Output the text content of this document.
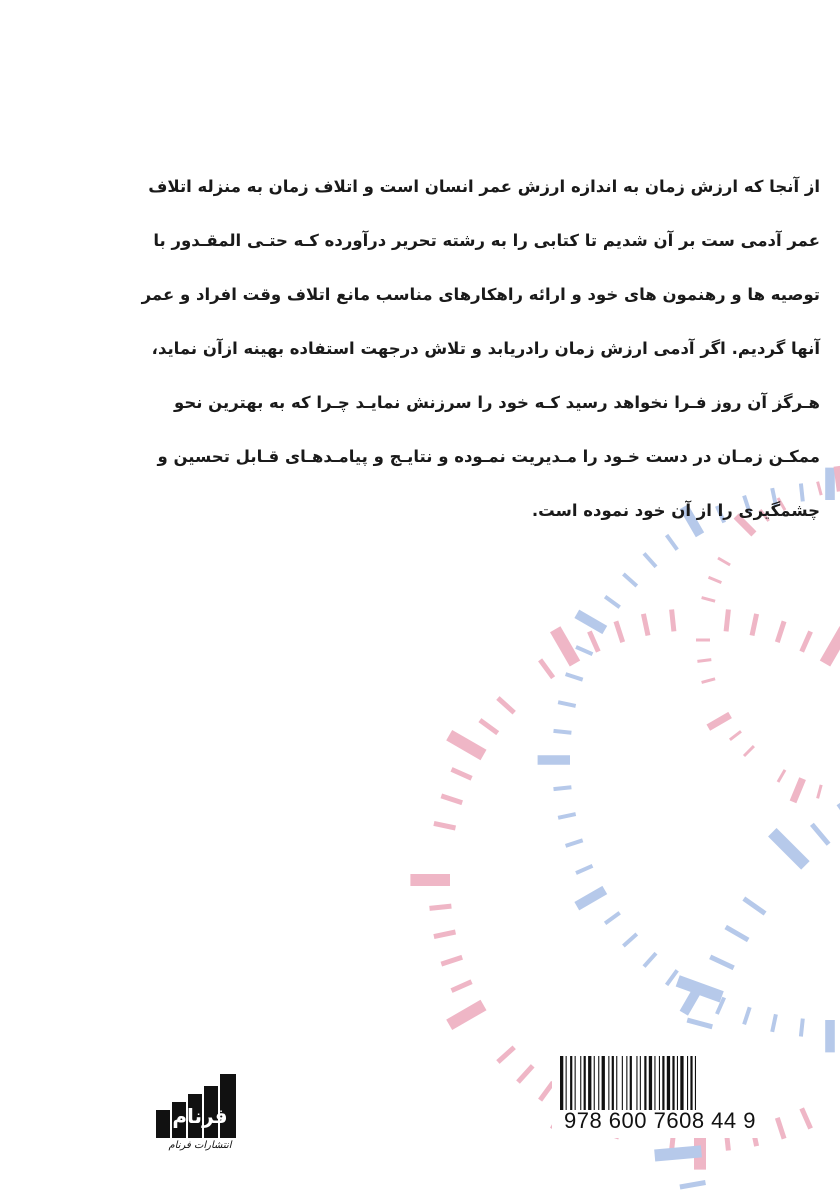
از آنجا که ارزش زمان به اندازه ارزش عمر انسان است و اتلاف زمان به منزله اتلاف
عمر آدمی ست بر آن شدیم تا کتابی را به رشته تحریر درآورده کـه حتـی المقـدور با
توصیه ها و رهنمون های خود و ارائه راهکارهای مناسب مانع اتلاف وقت افراد و عمر
آنها گردیم. اگر آدمی ارزش زمان رادریابد و تلاش درجهت استفاده بهینه ازآن نماید،
هـرگز آن روز فـرا نخواهد رسید کـه خود را سرزنش نمایـد چـرا که به بهترین نحو
ممکـن زمـان در دست خـود را مـدیریت نمـوده و نتایـج و پیامـدهـای قـابل تحسین و
چشمگیری را از آن خود نموده است.
فرنام
انتشارات فرنام
978 600 7608 44 9
